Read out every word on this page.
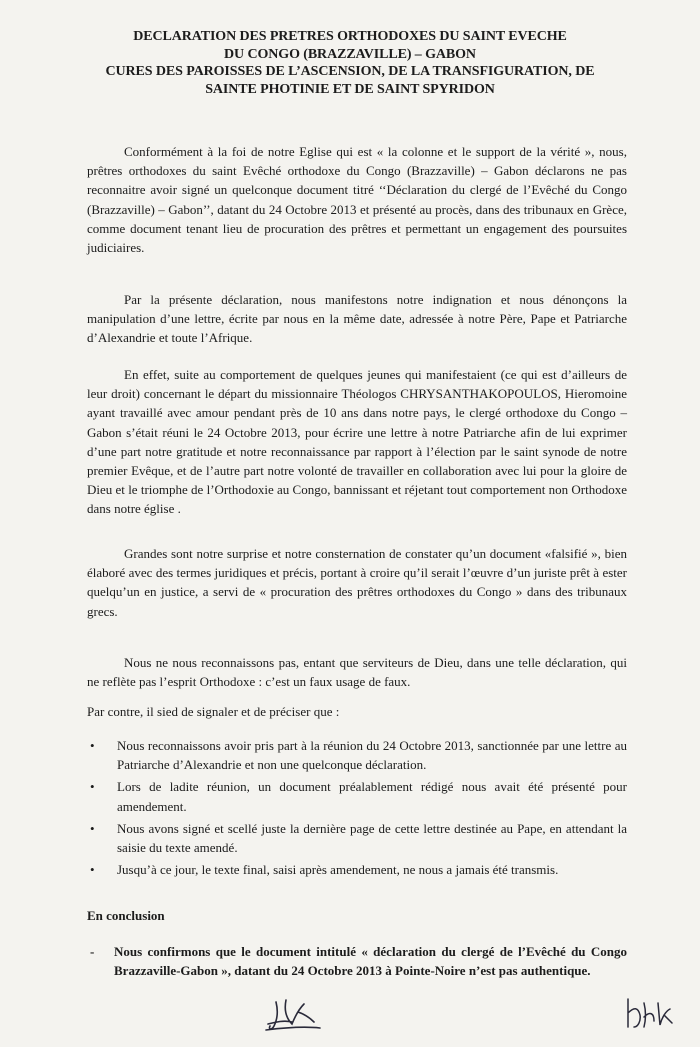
DECLARATION DES PRETRES ORTHODOXES DU SAINT EVECHE
DU CONGO (BRAZZAVILLE) – GABON
CURES DES PAROISSES DE L’ASCENSION, DE LA TRANSFIGURATION, DE
SAINTE PHOTINIE ET DE SAINT SPYRIDON

Conformément à la foi de notre Eglise qui est « la colonne et le support de la vérité », nous, prêtres orthodoxes du saint Evêché orthodoxe du Congo (Brazzaville) – Gabon déclarons ne pas reconnaitre avoir signé un quelconque document titré ‘‘Déclaration du clergé de l’Evêché du Congo (Brazzaville) – Gabon’’, datant du 24 Octobre 2013 et présenté au procès, dans des tribunaux en Grèce, comme document tenant lieu de procuration des prêtres et permettant un engagement des poursuites judiciaires.

Par la présente déclaration, nous manifestons notre indignation et nous dénonçons la manipulation d’une lettre, écrite par nous en la même date, adressée à notre Père, Pape et Patriarche d’Alexandrie et toute l’Afrique.

En effet, suite au comportement de quelques jeunes qui manifestaient (ce qui est d’ailleurs de leur droit) concernant le départ du missionnaire Théologos CHRYSANTHAKOPOULOS, Hieromoine ayant travaillé avec amour pendant près de 10 ans dans notre pays, le clergé orthodoxe du Congo – Gabon s’était réuni le 24 Octobre 2013, pour écrire une lettre à notre Patriarche afin de lui exprimer d’une part notre gratitude et notre reconnaissance par rapport à l’élection par le saint synode de notre premier Evêque, et de l’autre part notre volonté de travailler en collaboration avec lui pour la gloire de Dieu et le triomphe de l’Orthodoxie au Congo, bannissant et réjetant tout comportement non Orthodoxe dans notre église .

Grandes sont notre surprise et notre consternation de constater qu’un document «falsifié », bien élaboré avec des termes juridiques et précis, portant à croire qu’il serait l’œuvre d’un juriste prêt à ester quelqu’un en justice, a servi de « procuration des prêtres orthodoxes du Congo » dans des tribunaux grecs.

Nous ne nous reconnaissons pas, entant que serviteurs de Dieu, dans une telle déclaration, qui ne reflète pas l’esprit Orthodoxe : c’est un faux usage de faux.

Par contre, il sied de signaler et de préciser que :

• Nous reconnaissons avoir pris part à la réunion du 24 Octobre 2013, sanctionnée par une lettre au Patriarche d’Alexandrie et non une quelconque déclaration.
• Lors de ladite réunion, un document préalablement rédigé nous avait été présenté pour amendement.
• Nous avons signé et scellé juste la dernière page de cette lettre destinée au Pape, en attendant la saisie du texte amendé.
• Jusqu’à ce jour, le texte final, saisi après amendement, ne nous a jamais été transmis.
En conclusion
-	Nous confirmons que le document intitulé « déclaration du clergé de l’Evêché du Congo Brazzaville-Gabon », datant du 24 Octobre 2013 à Pointe-Noire n’est pas authentique.
